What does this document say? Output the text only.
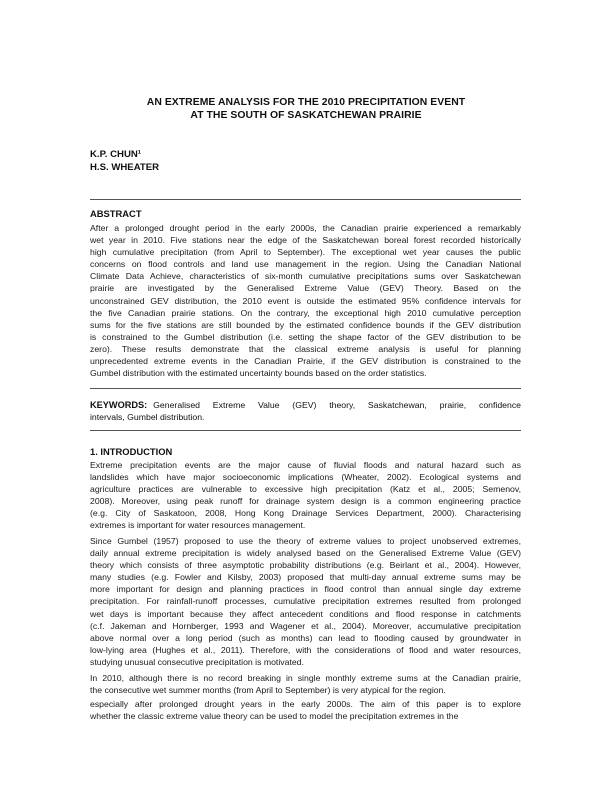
AN EXTREME ANALYSIS FOR THE 2010 PRECIPITATION EVENT
AT THE SOUTH OF SASKATCHEWAN PRAIRIE
K.P. CHUN¹
H.S. WHEATER
ABSTRACT
After a prolonged drought period in the early 2000s, the Canadian prairie experienced a remarkably
wet year in 2010. Five stations near the edge of the Saskatchewan boreal forest recorded historically
high cumulative precipitation (from April to September). The exceptional wet year causes the public
concerns on flood controls and land use management in the region. Using the Canadian National
Climate Data Achieve, characteristics of six-month cumulative precipitations sums over Saskatchewan
prairie are investigated by the Generalised Extreme Value (GEV) Theory. Based on the
unconstrained GEV distribution, the 2010 event is outside the estimated 95% confidence intervals for
the five Canadian prairie stations. On the contrary, the exceptional high 2010 cumulative perception
sums for the five stations are still bounded by the estimated confidence bounds if the GEV distribution
is constrained to the Gumbel distribution (i.e. setting the shape factor of the GEV distribution to be
zero). These results demonstrate that the classical extreme analysis is useful for planning
unprecedented extreme events in the Canadian Prairie, if the GEV distribution is constrained to the
Gumbel distribution with the estimated uncertainty bounds based on the order statistics.
KEYWORDS: Generalised Extreme Value (GEV) theory, Saskatchewan, prairie, confidence
intervals, Gumbel distribution.
1. INTRODUCTION
Extreme precipitation events are the major cause of fluvial floods and natural hazard such as
landslides which have major socioeconomic implications (Wheater, 2002). Ecological systems and
agriculture practices are vulnerable to excessive high precipitation (Katz et al., 2005; Semenov,
2008). Moreover, using peak runoff for drainage system design is a common engineering practice
(e.g. City of Saskatoon, 2008, Hong Kong Drainage Services Department, 2000). Characterising
extremes is important for water resources management.
Since Gumbel (1957) proposed to use the theory of extreme values to project unobserved extremes,
daily annual extreme precipitation is widely analysed based on the Generalised Extreme Value (GEV)
theory which consists of three asymptotic probability distributions (e.g. Beirlant et al., 2004). However,
many studies (e.g. Fowler and Kilsby, 2003) proposed that multi-day annual extreme sums may be
more important for design and planning practices in flood control than annual single day extreme
precipitation. For rainfall-runoff processes, cumulative precipitation extremes resulted from prolonged
wet days is important because they affect antecedent conditions and flood response in catchments
(c.f. Jakeman and Hornberger, 1993 and Wagener et al., 2004). Moreover, accumulative precipitation
above normal over a long period (such as months) can lead to flooding caused by groundwater in
low-lying area (Hughes et al., 2011). Therefore, with the considerations of flood and water resources,
studying unusual consecutive precipitation is motivated.
In 2010, although there is no record breaking in single monthly extreme sums at the Canadian prairie,
the consecutive wet summer months (from April to September) is very atypical for the region.
especially after prolonged drought years in the early 2000s. The aim of this paper is to explore
whether the classic extreme value theory can be used to model the precipitation extremes in the
